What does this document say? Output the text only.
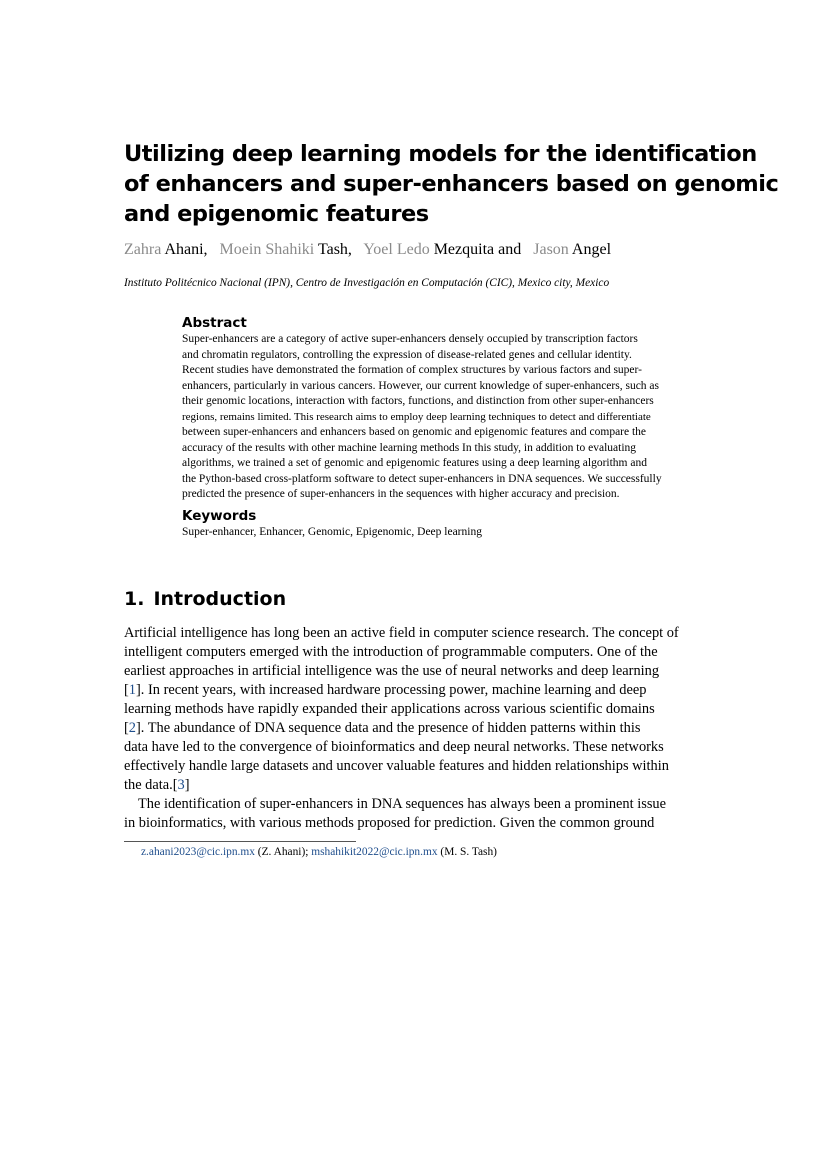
Utilizing deep learning models for the identification
of enhancers and super-enhancers based on genomic
and epigenomic features
Zahra Ahani,   Moein Shahiki Tash,   Yoel Ledo Mezquita and   Jason Angel
Instituto Politécnico Nacional (IPN), Centro de Investigación en Computación (CIC), Mexico city, Mexico
Abstract
Super-enhancers are a category of active super-enhancers densely occupied by transcription factors
and chromatin regulators, controlling the expression of disease-related genes and cellular identity.
Recent studies have demonstrated the formation of complex structures by various factors and super-
enhancers, particularly in various cancers. However, our current knowledge of super-enhancers, such as
their genomic locations, interaction with factors, functions, and distinction from other super-enhancers
regions, remains limited. This research aims to employ deep learning techniques to detect and differentiate
between super-enhancers and enhancers based on genomic and epigenomic features and compare the
accuracy of the results with other machine learning methods In this study, in addition to evaluating
algorithms, we trained a set of genomic and epigenomic features using a deep learning algorithm and
the Python-based cross-platform software to detect super-enhancers in DNA sequences. We successfully
predicted the presence of super-enhancers in the sequences with higher accuracy and precision.
Keywords
Super-enhancer, Enhancer, Genomic, Epigenomic, Deep learning
1. Introduction
Artificial intelligence has long been an active field in computer science research. The concept of
intelligent computers emerged with the introduction of programmable computers. One of the
earliest approaches in artificial intelligence was the use of neural networks and deep learning
[1]. In recent years, with increased hardware processing power, machine learning and deep
learning methods have rapidly expanded their applications across various scientific domains
[2]. The abundance of DNA sequence data and the presence of hidden patterns within this
data have led to the convergence of bioinformatics and deep neural networks. These networks
effectively handle large datasets and uncover valuable features and hidden relationships within
the data.[3]
The identification of super-enhancers in DNA sequences has always been a prominent issue
in bioinformatics, with various methods proposed for prediction. Given the common ground
z.ahani2023@cic.ipn.mx (Z. Ahani); mshahikit2022@cic.ipn.mx (M. S. Tash)
